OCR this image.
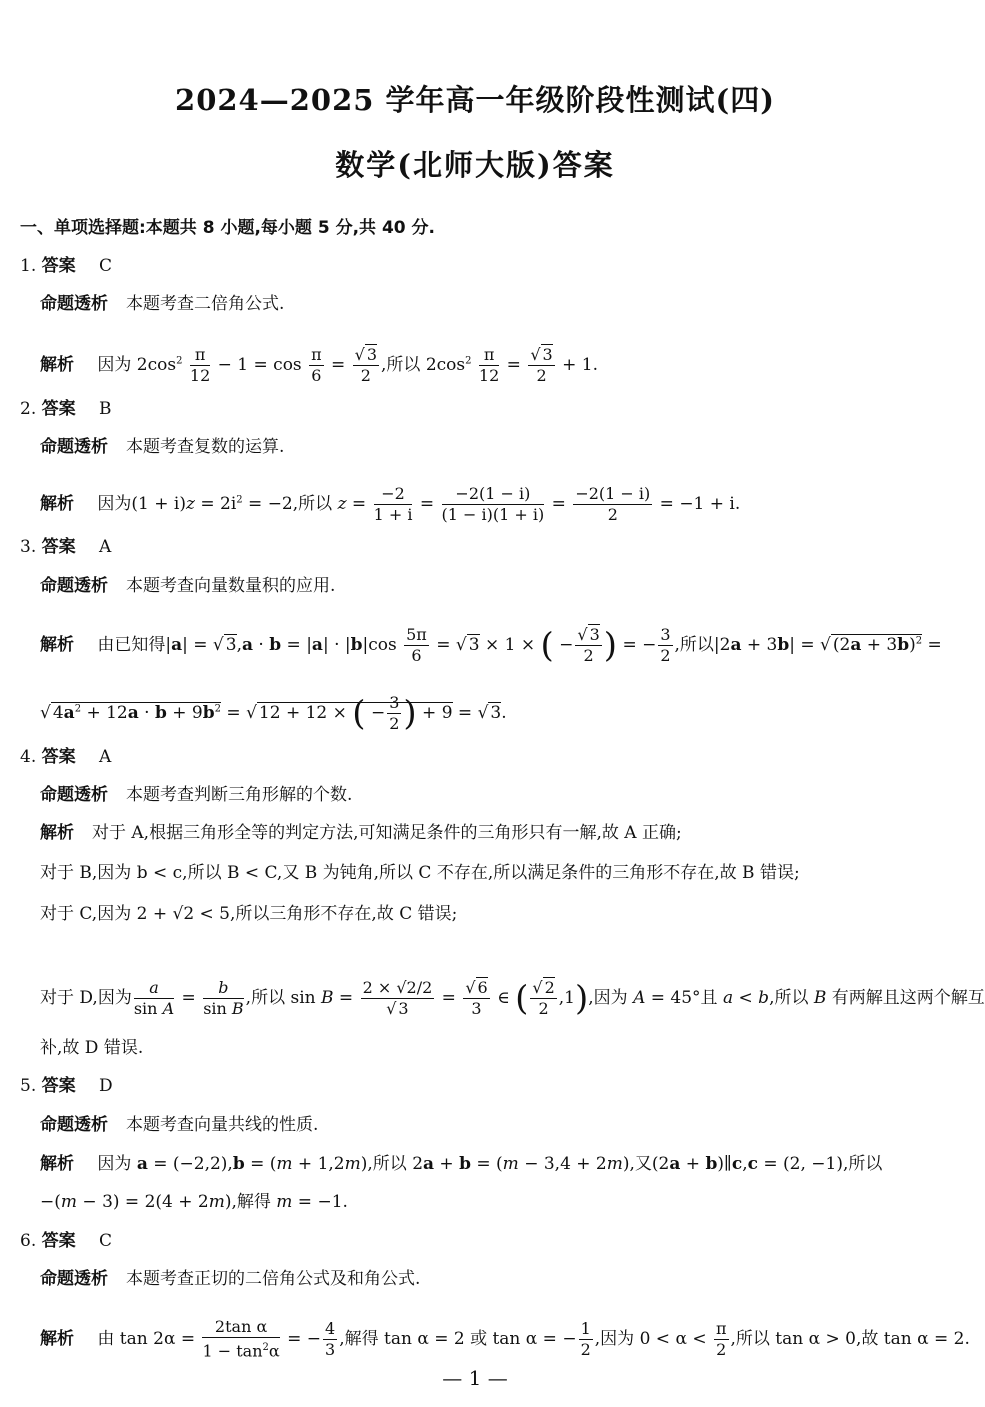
2024—2025 学年高一年级阶段性测试(四)
数学(北师大版)答案
一、单项选择题:本题共 8 小题,每小题 5 分,共 40 分.
1. 答案 C
命题透析 本题考查二倍角公式.
解析 因为 $2\cos^2 \frac{\pi}{12} - 1 = \cos \frac{\pi}{6} = \frac{√ 3}{2}$ ,所以 $2\cos^2 \frac{\pi}{12} = \frac{√ 3}{2} + 1$.
2. 答案 B
命题透析 本题考查复数的运算.
解析 因为$(1 + i)z = 2i^2 = -2$,所以 $z = \frac{-2}{1 + i} = \frac{-2(1 - i)}{(1 - i)(1 + i)} = \frac{-2(1 - i)}{2} = -1 + i$.
3. 答案 A
命题透析 本题考查向量数量积的应用.
解析 由已知得|a| = √ $3,a \cdot b = |a| \cdot |b|\cos \frac{5\pi}{6}$ = √ 3 × 1 × ( − $\frac{√ 3}{2}$ ) = − $\frac{3}{2}$ ,所以|2a + 3b| = √ $(2a + 3b)^2$ =
√ $4a^2 + 12a \cdot b + 9b^2$ = √ 12 + 12 × ( − $\frac{3}{2}$ ) + 9 = √ 3.
4. 答案 A
命题透析 本题考查判断三角形解的个数.
解析 对于 A,根据三角形全等的判定方法,可知满足条件的三角形只有一解,故 A 正确;
对于 B,因为 b < c,所以 B < C,又 B 为钝角,所以 C 不存在,所以满足条件的三角形不存在,故 B 错误;
对于 C,因为 2 + √2 < 5,所以三角形不存在,故 C 错误;
对于 D,因为 $\frac{a}{\text{sin A}} = \frac{b}{\text{sin B}}$ ,所以 $\sin B = \frac{2 \times √2/2}{√ 3} = \frac{√ 6}{3}$ ∈ ( $\frac{√ 2}{2} ,1$),因为 A = 45°且 a < b,所以 B 有两解且这两个解互
补,故 D 错误.
5. 答案 D
命题透析 本题考查向量共线的性质.
解析 因为 a = (−2,2),b = (m + 1,2m),所以 2a + b = (m − 3,4 + 2m),又(2a + b)∥c,c = (2, −1),所以
−(m − 3) = 2(4 + 2m),解得 m = −1.
6. 答案 C
命题透析 本题考查正切的二倍角公式及和角公式.
解析 由 $\tan 2\alpha = \frac{\text{2tan α}}{1 - \tan^2\alpha}$ = − $\frac{4}{3}$ ,解得 tan α = 2 或 tan α = − $\frac{1}{2}$ ,因为 $0 < \alpha < \frac{\pi}{2}$ ,所以 tan α > 0,故 tan α = 2.
— 1 —
